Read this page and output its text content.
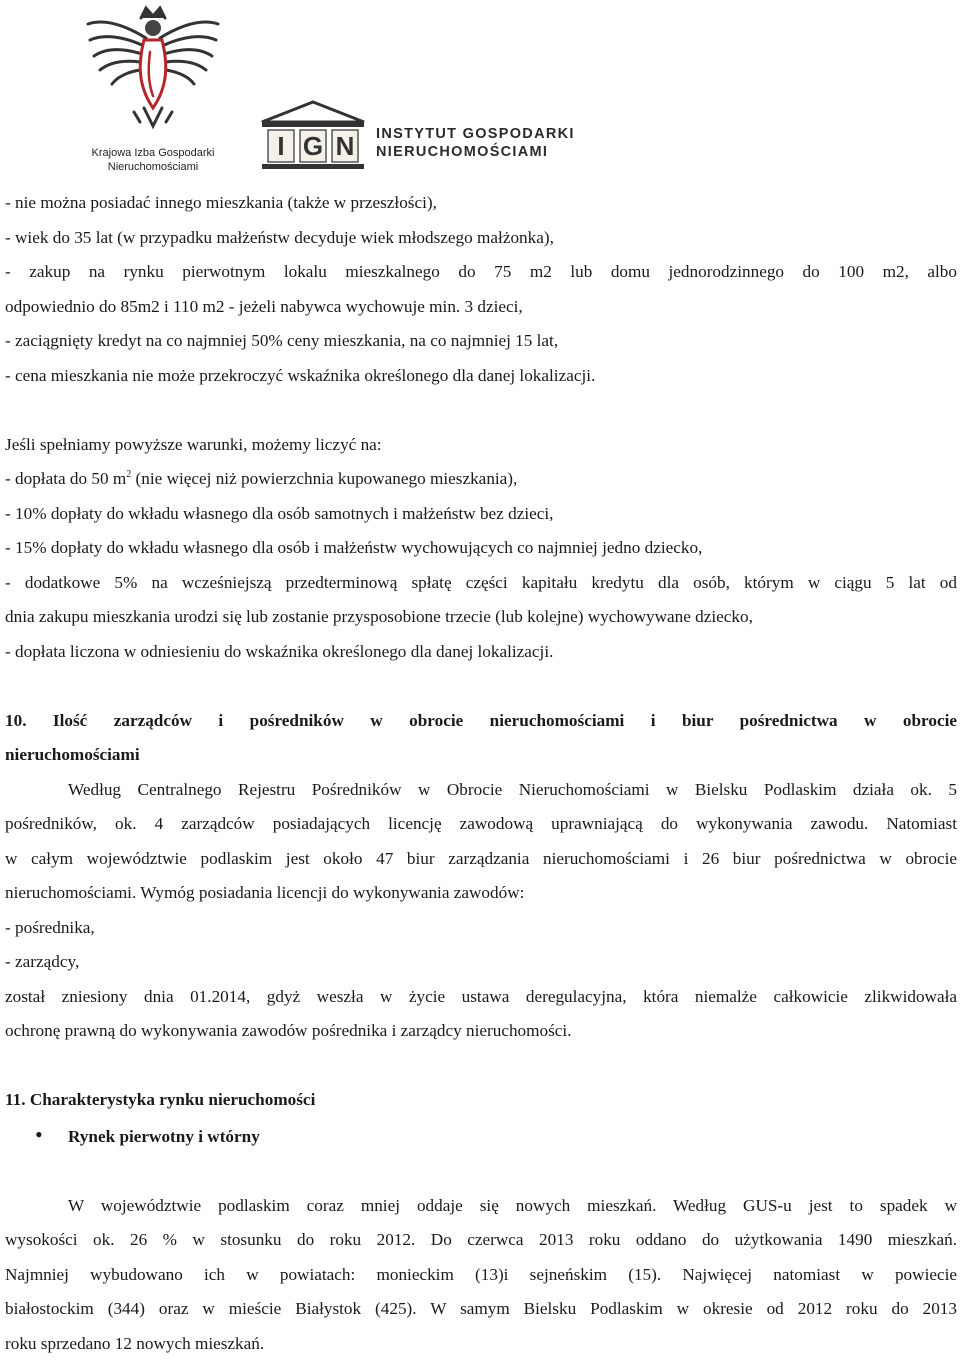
Krajowa Izba Gospodarki
Nieruchomościami
I G N INSTYTUT GOSPODARKI
NIERUCHOMOŚCIAMI

- nie można posiadać innego mieszkania (także w przeszłości),

- wiek do 35 lat (w przypadku małżeństw decyduje wiek młodszego małżonka),

- zakup na rynku pierwotnym lokalu mieszkalnego do 75 m2 lub domu jednorodzinnego do 100 m2, albo

odpowiednio do 85m2 i 110 m2 - jeżeli nabywca wychowuje min. 3 dzieci,

- zaciągnięty kredyt na co najmniej 50% ceny mieszkania, na co najmniej 15 lat,

- cena mieszkania nie może przekroczyć wskaźnika określonego dla danej lokalizacji.

Jeśli spełniamy powyższe warunki, możemy liczyć na:

- dopłata do 50 $m^2$ (nie więcej niż powierzchnia kupowanego mieszkania),

- 10% dopłaty do wkładu własnego dla osób samotnych i małżeństw bez dzieci,

- 15% dopłaty do wkładu własnego dla osób i małżeństw wychowujących co najmniej jedno dziecko,

- dodatkowe 5% na wcześniejszą przedterminową spłatę części kapitału kredytu dla osób, którym w ciągu 5 lat od

dnia zakupu mieszkania urodzi się lub zostanie przysposobione trzecie (lub kolejne) wychowywane dziecko,

- dopłata liczona w odniesieniu do wskaźnika określonego dla danej lokalizacji.

10. Ilość zarządców i pośredników w obrocie nieruchomościami i biur pośrednictwa w obrocie

nieruchomościami

Według Centralnego Rejestru Pośredników w Obrocie Nieruchomościami w Bielsku Podlaskim działa ok. 5

pośredników, ok. 4 zarządców posiadających licencję zawodową uprawniającą do wykonywania zawodu. Natomiast

w całym województwie podlaskim jest około 47 biur zarządzania nieruchomościami i 26 biur pośrednictwa w obrocie

nieruchomościami. Wymóg posiadania licencji do wykonywania zawodów:

- pośrednika,

- zarządcy,

został zniesiony dnia 01.2014, gdyż weszła w życie ustawa deregulacyjna, która niemalże całkowicie zlikwidowała

ochronę prawną do wykonywania zawodów pośrednika i zarządcy nieruchomości.

11. Charakterystyka rynku nieruchomości

•	Rynek pierwotny i wtórny

W województwie podlaskim coraz mniej oddaje się nowych mieszkań. Według GUS-u jest to spadek w

wysokości ok. 26 % w stosunku do roku 2012. Do czerwca 2013 roku oddano do użytkowania 1490 mieszkań.

Najmniej wybudowano ich w powiatach: monieckim (13)i sejneńskim (15). Najwięcej natomiast w powiecie

białostockim (344) oraz w mieście Białystok (425). W samym Bielsku Podlaskim w okresie od 2012 roku do 2013

roku sprzedano 12 nowych mieszkań.
